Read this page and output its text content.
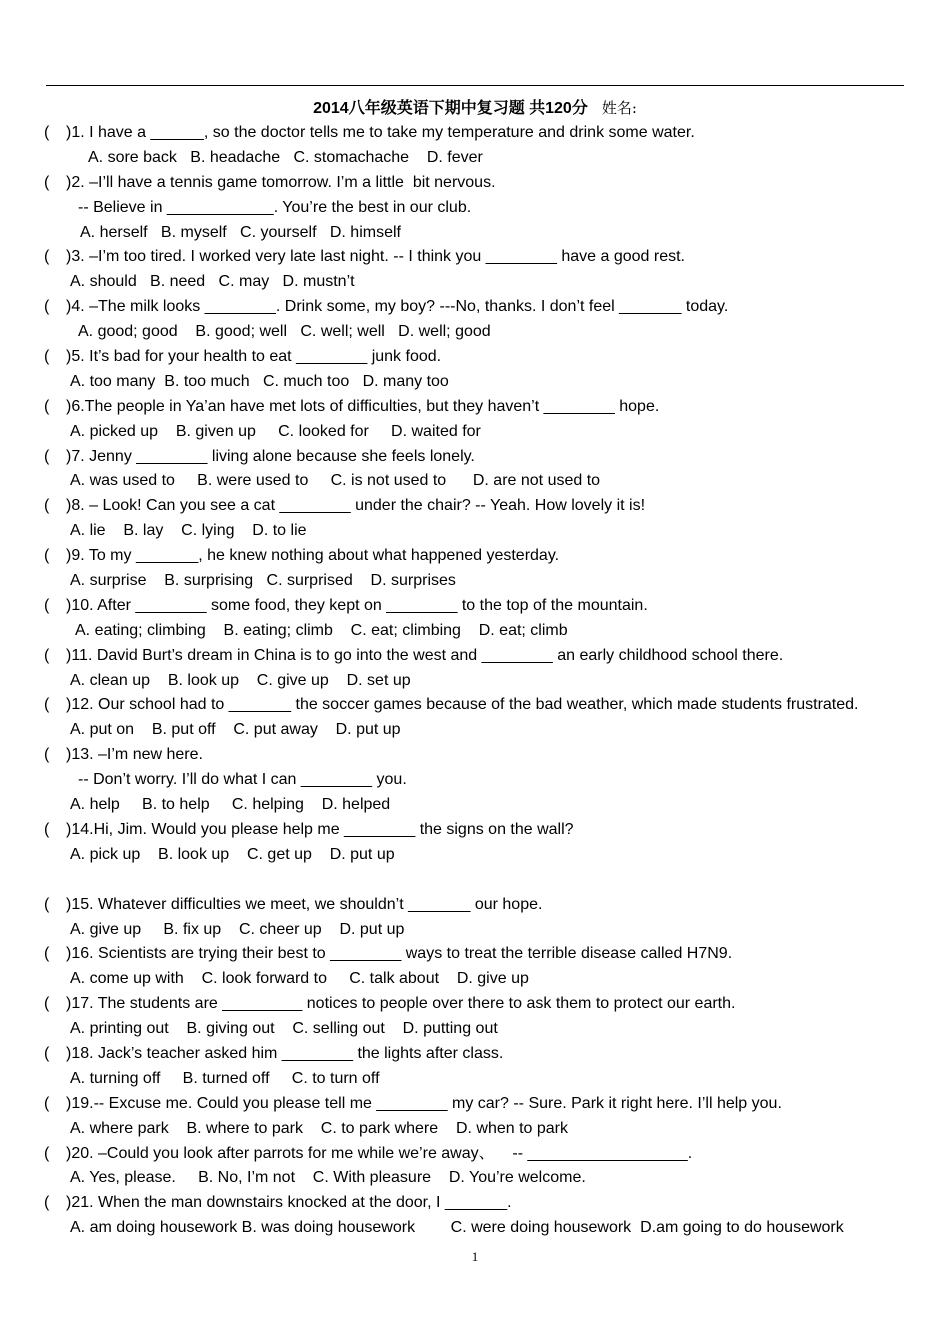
2014八年级英语下期中复习题 共120分 姓名:
( )1. I have a ______, so the doctor tells me to take my temperature and drink some water.
A. sore back   B. headache   C. stomachache    D. fever
( )2. –I’ll have a tennis game tomorrow. I’m a little  bit nervous.
-- Believe in ____________. You’re the best in our club.
A. herself   B. myself   C. yourself   D. himself
( )3. –I’m too tired. I worked very late last night. -- I think you ________ have a good rest.
A. should   B. need   C. may   D. mustn’t
( )4. –The milk looks ________. Drink some, my boy? ---No, thanks. I don’t feel _______ today.
A. good; good    B. good; well   C. well; well   D. well; good
( )5. It’s bad for your health to eat ________ junk food.
A. too many  B. too much   C. much too   D. many too
( )6.The people in Ya’an have met lots of difficulties, but they haven’t ________ hope.
A. picked up    B. given up     C. looked for     D. waited for
( )7. Jenny ________ living alone because she feels lonely.
A. was used to     B. were used to     C. is not used to      D. are not used to
( )8. – Look! Can you see a cat ________ under the chair? -- Yeah. How lovely it is!
A. lie    B. lay    C. lying    D. to lie
( )9. To my _______, he knew nothing about what happened yesterday.
A. surprise    B. surprising   C. surprised    D. surprises
( )10. After ________ some food, they kept on ________ to the top of the mountain.
A. eating; climbing    B. eating; climb    C. eat; climbing    D. eat; climb
( )11. David Burt’s dream in China is to go into the west and ________ an early childhood school there.
A. clean up    B. look up    C. give up    D. set up
( )12. Our school had to _______ the soccer games because of the bad weather, which made students frustrated.
A. put on    B. put off    C. put away    D. put up
( )13. –I’m new here.
-- Don’t worry. I’ll do what I can ________ you.
A. help     B. to help     C. helping    D. helped
( )14.Hi, Jim. Would you please help me ________ the signs on the wall?
A. pick up    B. look up    C. get up    D. put up
( )15. Whatever difficulties we meet, we shouldn’t _______ our hope.
A. give up     B. fix up    C. cheer up    D. put up
( )16. Scientists are trying their best to ________ ways to treat the terrible disease called H7N9.
A. come up with    C. look forward to     C. talk about    D. give up
( )17. The students are _________ notices to people over there to ask them to protect our earth.
A. printing out    B. giving out    C. selling out    D. putting out
( )18. Jack’s teacher asked him ________ the lights after class.
A. turning off     B. turned off     C. to turn off
( )19.-- Excuse me. Could you please tell me ________ my car? -- Sure. Park it right here. I’ll help you.
A. where park    B. where to park    C. to park where    D. when to park
( )20. –Could you look after parrots for me while we’re away、    -- __________________.
A. Yes, please.     B. No, I’m not    C. With pleasure    D. You’re welcome.
( )21. When the man downstairs knocked at the door, I _______.
A. am doing housework B. was doing housework        C. were doing housework  D.am going to do housework
1
